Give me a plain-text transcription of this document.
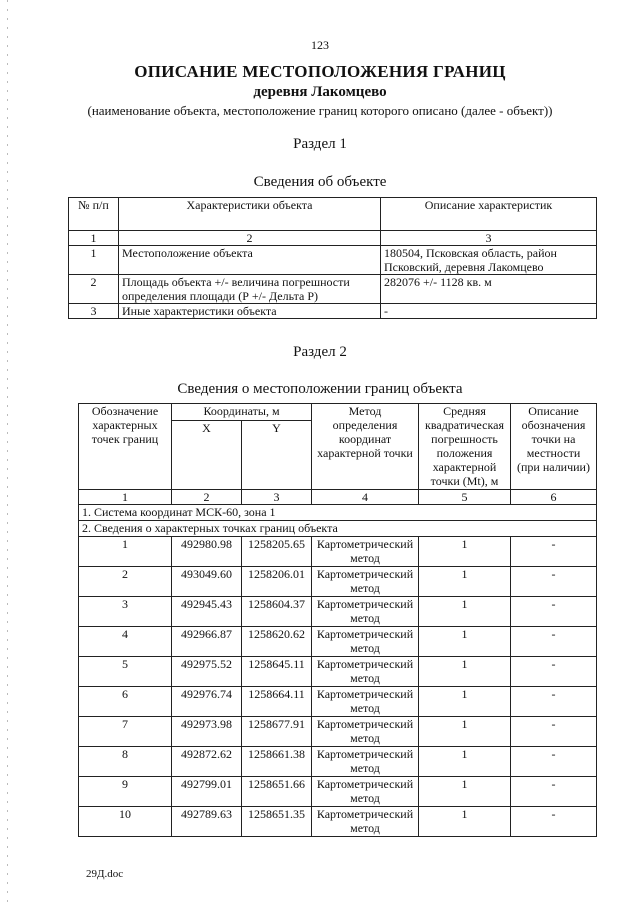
123
ОПИСАНИЕ МЕСТОПОЛОЖЕНИЯ ГРАНИЦ
деревня Лакомцево
(наименование объекта, местоположение границ которого описано (далее - объект))
Раздел 1
Сведения об объекте
№ п/п	Характеристики объекта	Описание характеристик
1	2	3
1	Местоположение объекта	180504, Псковская область, район Псковский, деревня Лакомцево
2	Площадь объекта +/- величина погрешности определения площади (Р +/- Дельта Р)	282076 +/- 1128 кв. м
3	Иные характеристики объекта	-
Раздел 2
Сведения о местоположении границ объекта
Обозначение характерных точек границ	Координаты, м		Метод определения координат характерной точки	Средняя квадратическая погрешность положения характерной точки (Mt), м	Описание обозначения точки на местности (при наличии)
	X	Y			
1	2	3	4	5	6
1. Система координат МСК-60, зона 1					
2. Сведения о характерных точках границ объекта					
1	492980.98	1258205.65	Картометрический метод	1	-
2	493049.60	1258206.01	Картометрический метод	1	-
3	492945.43	1258604.37	Картометрический метод	1	-
4	492966.87	1258620.62	Картометрический метод	1	-
5	492975.52	1258645.11	Картометрический метод	1	-
6	492976.74	1258664.11	Картометрический метод	1	-
7	492973.98	1258677.91	Картометрический метод	1	-
8	492872.62	1258661.38	Картометрический метод	1	-
9	492799.01	1258651.66	Картометрический метод	1	-
10	492789.63	1258651.35	Картометрический метод	1	-
29Д.doc
